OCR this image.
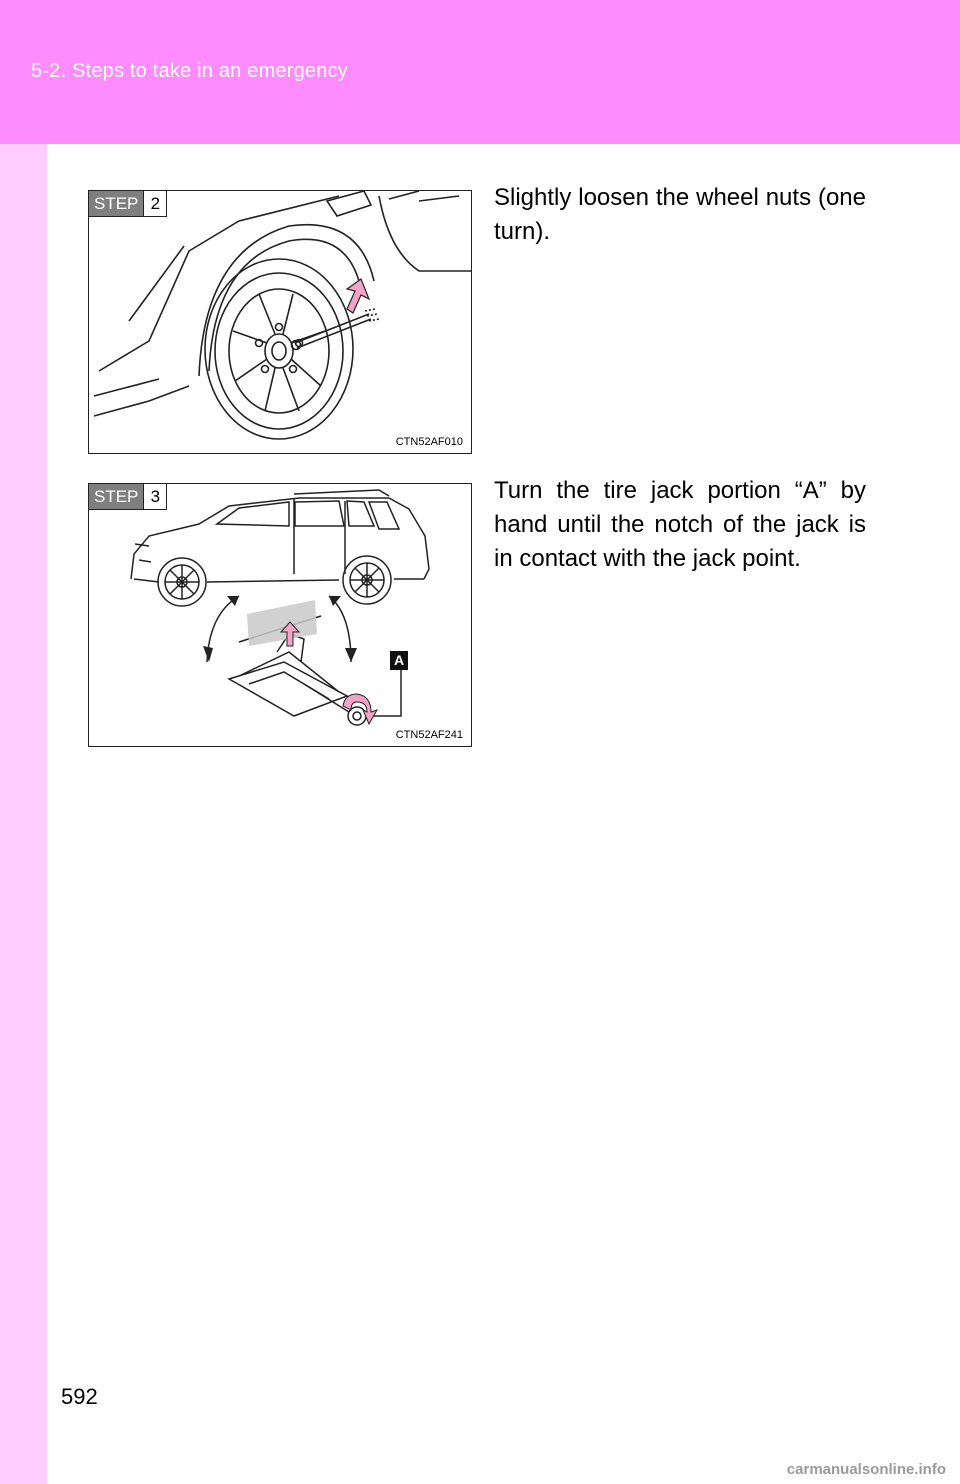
5-2. Steps to take in an emergency
STEP 2
CTN52AF010

Slightly loosen the wheel nuts (one turn).

STEP 3
A
CTN52AF241

Turn the tire jack portion “A” by hand until the notch of the jack is in contact with the jack point.

592
carmanualsonline.info
